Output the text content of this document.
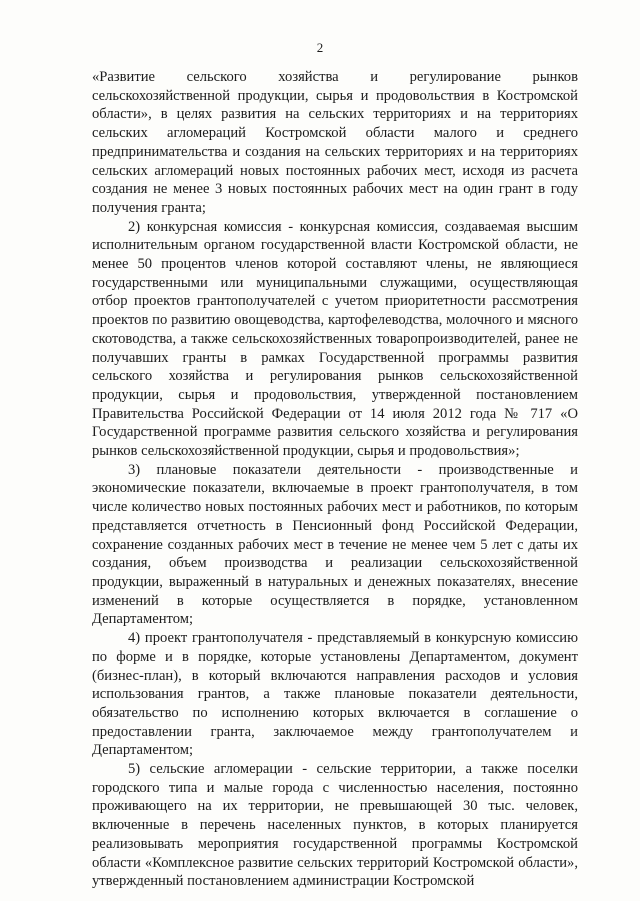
2

«Развитие сельского хозяйства и регулирование рынков сельскохозяйственной продукции, сырья и продовольствия в Костромской области», в целях развития на сельских территориях и на территориях сельских агломераций Костромской области малого и среднего предпринимательства и создания на сельских территориях и на территориях сельских агломераций новых постоянных рабочих мест, исходя из расчета создания не менее 3 новых постоянных рабочих мест на один грант в году получения гранта;

2) конкурсная комиссия - конкурсная комиссия, создаваемая высшим исполнительным органом государственной власти Костромской области, не менее 50 процентов членов которой составляют члены, не являющиеся государственными или муниципальными служащими, осуществляющая отбор проектов грантополучателей с учетом приоритетности рассмотрения проектов по развитию овощеводства, картофелеводства, молочного и мясного скотоводства, а также сельскохозяйственных товаропроизводителей, ранее не получавших гранты в рамках Государственной программы развития сельского хозяйства и регулирования рынков сельскохозяйственной продукции, сырья и продовольствия, утвержденной постановлением Правительства Российской Федерации от 14 июля 2012 года № 717 «О Государственной программе развития сельского хозяйства и регулирования рынков сельскохозяйственной продукции, сырья и продовольствия»;

3) плановые показатели деятельности - производственные и экономические показатели, включаемые в проект грантополучателя, в том числе количество новых постоянных рабочих мест и работников, по которым представляется отчетность в Пенсионный фонд Российской Федерации, сохранение созданных рабочих мест в течение не менее чем 5 лет с даты их создания, объем производства и реализации сельскохозяйственной продукции, выраженный в натуральных и денежных показателях, внесение изменений в которые осуществляется в порядке, установленном Департаментом;

4) проект грантополучателя - представляемый в конкурсную комиссию по форме и в порядке, которые установлены Департаментом, документ (бизнес-план), в который включаются направления расходов и условия использования грантов, а также плановые показатели деятельности, обязательство по исполнению которых включается в соглашение о предоставлении гранта, заключаемое между грантополучателем и Департаментом;

5) сельские агломерации - сельские территории, а также поселки городского типа и малые города с численностью населения, постоянно проживающего на их территории, не превышающей 30 тыс. человек, включенные в перечень населенных пунктов, в которых планируется реализовывать мероприятия государственной программы Костромской области «Комплексное развитие сельских территорий Костромской области», утвержденный постановлением администрации Костромской
